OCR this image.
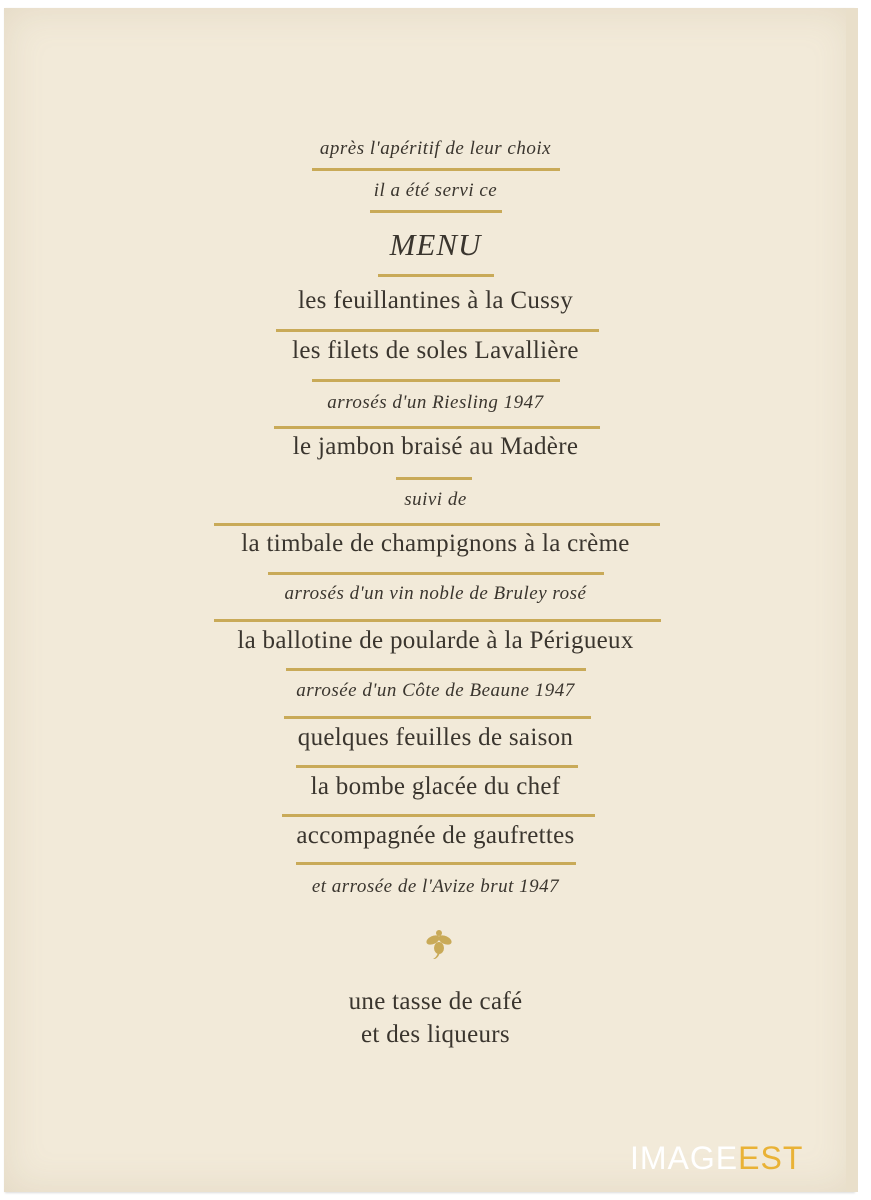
après l'apéritif de leur choix
il a été servi ce
MENU
les feuillantines à la Cussy
les filets de soles Lavallière
arrosés d'un Riesling 1947
le jambon braisé au Madère
suivi de
la timbale de champignons à la crème
arrosés d'un vin noble de Bruley rosé
la ballotine de poularde à la Périgueux
arrosée d'un Côte de Beaune 1947
quelques feuilles de saison
la bombe glacée du chef
accompagnée de gaufrettes
et arrosée de l'Avize brut 1947
une tasse de café
et des liqueurs
IMAGEEST
